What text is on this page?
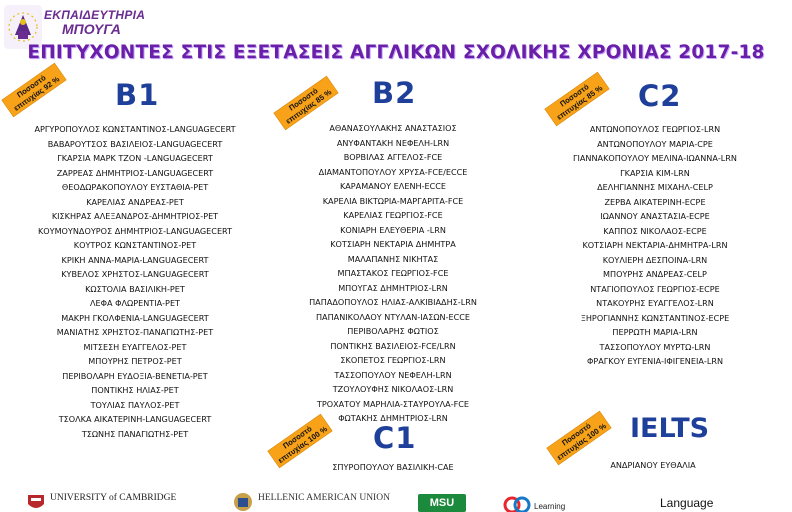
ΕΚΠΑΙΔΕΥΤΗΡΙΑ
ΜΠΟΥΓΑ
ΕΠΙΤΥΧΟΝΤΕΣ ΣΤΙΣ ΕΞΕΤΑΣΕΙΣ ΑΓΓΛΙΚΩΝ ΣΧΟΛΙΚΗΣ ΧΡΟΝΙΑΣ 2017-18
Ποσοστό
επιτυχίας 92 % B1
ΑΡΓΥΡΟΠΟΥΛΟΣ ΚΩΝΣΤΑΝΤΙΝΟΣ-LANGUAGECERT
ΒΑΒΑΡΟΥΤΣΟΣ ΒΑΣΙΛΕΙΟΣ-LANGUAGECERT
ΓΚΑΡΣΙΑ ΜΑΡΚ ΤΖΟΝ -LANGUAGECERT
ΖΑΡΡΕΑΣ ΔΗΜΗΤΡΙΟΣ-LANGUAGECERT
ΘΕΟΔΩΡΑΚΟΠΟΥΛΟΥ ΕΥΣΤΑΘΙΑ-PET
ΚΑΡΕΛΙΑΣ ΑΝΔΡΕΑΣ-PET
ΚΙΣΚΗΡΑΣ ΑΛΕΞΑΝΔΡΟΣ-ΔΗΜΗΤΡΙΟΣ-PET
ΚΟΥΜΟΥΝΔΟΥΡΟΣ ΔΗΜΗΤΡΙΟΣ-LANGUAGECERT
ΚΟΥΤΡΟΣ ΚΩΝΣΤΑΝΤΙΝΟΣ-PET
ΚΡΙΚΗ ΑΝΝΑ-ΜΑΡΙΑ-LANGUAGECERT
ΚΥΒΕΛΟΣ ΧΡΗΣΤΟΣ-LANGUAGECERT
ΚΩΣΤΟΛΙΑ ΒΑΣΙΛΙΚΗ-PET
ΛΕΦΑ ΦΛΩΡΕΝΤΙΑ-PET
ΜΑΚΡΗ ΓΚΟΛΦΕΝΙΑ-LANGUAGECERT
ΜΑΝΙΑΤΗΣ ΧΡΗΣΤΟΣ-ΠΑΝΑΓΙΩΤΗΣ-PET
ΜΙΤΣΕΣΗ ΕΥΑΓΓΕΛΟΣ-PET
ΜΠΟΥΡΗΣ ΠΕΤΡΟΣ-PET
ΠΕΡΙΒΟΛΑΡΗ ΕΥΔΟΞΙΑ-ΒΕΝΕΤΙΑ-PET
ΠΟΝΤΙΚΗΣ ΗΛΙΑΣ-PET
ΤΟΥΛΙΑΣ ΠΑΥΛΟΣ-PET
ΤΣΟΛΚΑ ΑΙΚΑΤΕΡΙΝΗ-LANGUAGECERT
ΤΣΩΝΗΣ ΠΑΝΑΓΙΩΤΗΣ-PET
Ποσοστό
επιτυχίας 85 % B2
ΑΘΑΝΑΣΟΥΛΑΚΗΣ ΑΝΑΣΤΑΣΙΟΣ
ΑΝΥΦΑΝΤΑΚΗ ΝΕΦΕΛΗ-LRN
ΒΟΡΒΙΛΑΣ ΑΓΓΕΛΟΣ-FCE
ΔΙΑΜΑΝΤΟΠΟΥΛΟΥ ΧΡΥΣΑ-FCE/ECCE
ΚΑΡΑΜΑΝΟΥ ΕΛΕΝΗ-ECCE
ΚΑΡΕΛΙΑ ΒΙΚΤΩΡΙΑ-ΜΑΡΓΑΡΙΤΑ-FCE
ΚΑΡΕΛΙΑΣ ΓΕΩΡΓΙΟΣ-FCE
ΚΟΝΙΑΡΗ ΕΛΕΥΘΕΡΙΑ -LRN
ΚΟΤΣΙΑΡΗ ΝΕΚΤΑΡΙΑ ΔΗΜΗΤΡΑ
ΜΑΛΑΠΑΝΗΣ ΝΙΚΗΤΑΣ
ΜΠΑΣΤΑΚΟΣ ΓΕΩΡΓΙΟΣ-FCE
ΜΠΟΥΓΑΣ ΔΗΜΗΤΡΙΟΣ-LRN
ΠΑΠΑΔΟΠΟΥΛΟΣ ΗΛΙΑΣ-ΑΛΚΙΒΙΑΔΗΣ-LRN
ΠΑΠΑΝΙΚΟΛΑΟΥ ΝΤΥΛΑΝ-ΙΑΣΩΝ-ECCE
ΠΕΡΙΒΟΛΑΡΗΣ ΦΩΤΙΟΣ
ΠΟΝΤΙΚΗΣ ΒΑΣΙΛΕΙΟΣ-FCE/LRN
ΣΚΟΠΕΤΟΣ ΓΕΩΡΓΙΟΣ-LRN
ΤΑΣΣΟΠΟΥΛΟΥ ΝΕΦΕΛΗ-LRN
ΤΖΟΥΛΟΥΦΗΣ ΝΙΚΟΛΑΟΣ-LRN
ΤΡΟΧΑΤΟΥ ΜΑΡΗΛΙΑ-ΣΤΑΥΡΟΥΛΑ-FCE
ΦΩΤΑΚΗΣ ΔΗΜΗΤΡΙΟΣ-LRN
Ποσοστό
επιτυχίας 85 % C2
ΑΝΤΩΝΟΠΟΥΛΟΣ ΓΕΩΡΓΙΟΣ-LRN
ΑΝΤΩΝΟΠΟΥΛΟΥ ΜΑΡΙΑ-CPE
ΓΙΑΝΝΑΚΟΠΟΥΛΟΥ ΜΕΛΙΝΑ-ΙΩΑΝΝΑ-LRN
ΓΚΑΡΣΙΑ ΚΙΜ-LRN
ΔΕΛΗΓΙΑΝΝΗΣ ΜΙΧΑΗΛ-CELP
ΖΕΡΒΑ ΑΙΚΑΤΕΡΙΝΗ-ECPE
ΙΩΑΝΝΟΥ ΑΝΑΣΤΑΣΙΑ-ECPE
ΚΑΠΠΟΣ ΝΙΚΟΛΑΟΣ-ECPE
ΚΟΤΣΙΑΡΗ ΝΕΚΤΑΡΙΑ-ΔΗΜΗΤΡΑ-LRN
ΚΟΥΛΙΕΡΗ ΔΕΣΠΟΙΝΑ-LRN
ΜΠΟΥΡΗΣ ΑΝΔΡΕΑΣ-CELP
ΝΤΑΓΙΟΠΟΥΛΟΣ ΓΕΩΡΓΙΟΣ-ECPE
ΝΤΑΚΟΥΡΗΣ ΕΥΑΓΓΕΛΟΣ-LRN
ΞΗΡΟΓΙΑΝΝΗΣ ΚΩΝΣΤΑΝΤΙΝΟΣ-ECPE
ΠΕΡΡΩΤΗ ΜΑΡΙΑ-LRN
ΤΑΣΣΟΠΟΥΛΟΥ ΜΥΡΤΩ-LRN
ΦΡΑΓΚΟΥ ΕΥΓΕΝΙΑ-ΙΦΙΓΕΝΕΙΑ-LRN
Ποσοστό
επιτυχίας 100 % C1
ΣΠΥΡΟΠΟΥΛΟΥ ΒΑΣΙΛΙΚΗ-CAE
Ποσοστό
επιτυχίας 100 % IELTS
ΑΝΔΡΙΑΝΟΥ ΕΥΘΑΛΙΑ
UNIVERSITY of CAMBRIDGE	HELLENIC AMERICAN UNION	MSU	Learning	Language
